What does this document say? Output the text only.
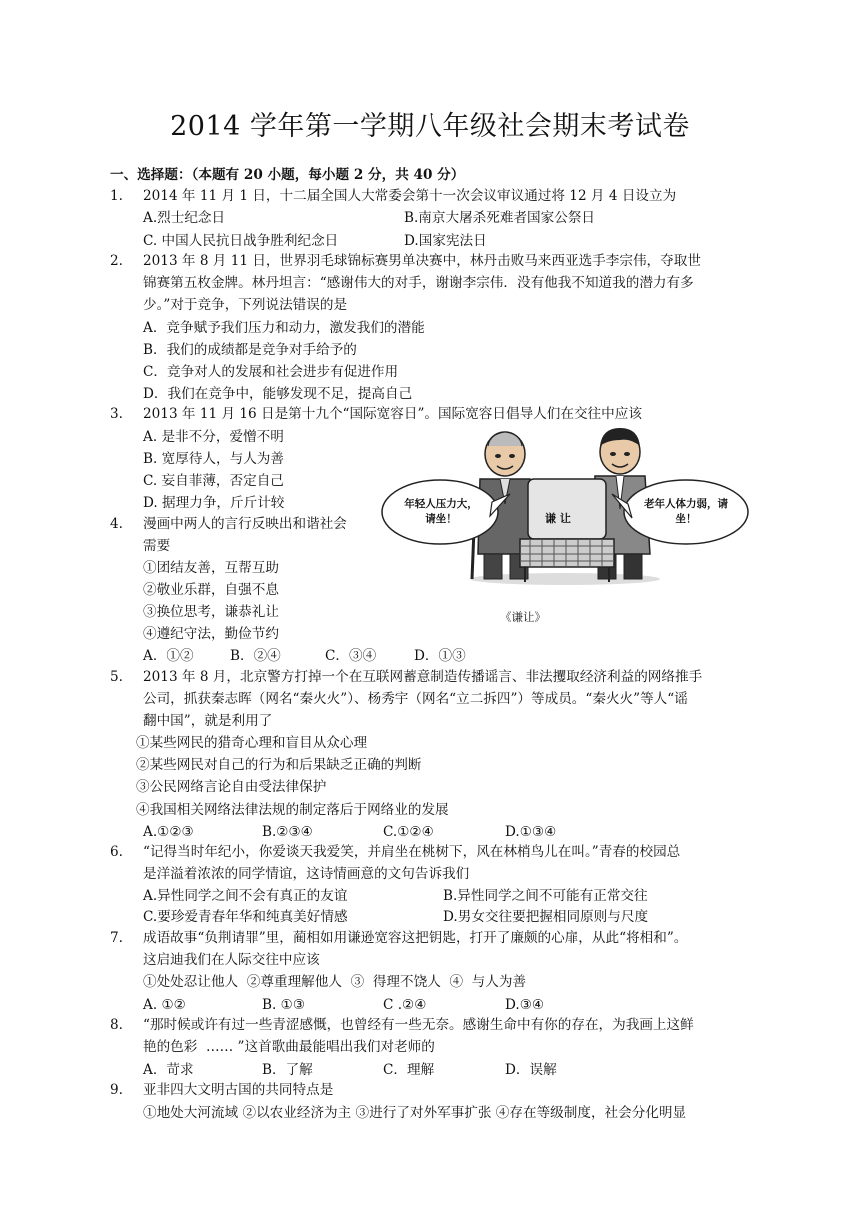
2014 学年第一学期八年级社会期末考试卷
一、选择题：（本题有 20 小题，每小题 2 分，共 40 分）
1. 2014 年 11 月 1 日，十二届全国人大常委会第十一次会议审议通过将 12 月 4 日设立为
A.烈士纪念日	B.南京大屠杀死难者国家公祭日
C. 中国人民抗日战争胜利纪念日	D.国家宪法日
2. 2013 年 8 月 11 日，世界羽毛球锦标赛男单决赛中，林丹击败马来西亚选手李宗伟，夺取世
锦赛第五枚金牌。林丹坦言：“感谢伟大的对手，谢谢李宗伟．没有他我不知道我的潜力有多
少。”对于竞争，下列说法错误的是
A．竞争赋予我们压力和动力，激发我们的潜能
B．我们的成绩都是竞争对手给予的
C．竞争对人的发展和社会进步有促进作用
D．我们在竞争中，能够发现不足，提高自己
3. 2013 年 11 月 16 日是第十九个“国际宽容日”。国际宽容日倡导人们在交往中应该
A. 是非不分，爱憎不明
B. 宽厚待人，与人为善
C. 妄自菲薄，否定自己
D. 据理力争，斤斤计较
4. 漫画中两人的言行反映出和谐社会
需要
①团结友善，互帮互助
②敬业乐群，自强不息
③换位思考，谦恭礼让
④遵纪守法，勤俭节约
A．①②	B．②④	C．③④	D．①③
年轻人压力大，请坐！
老年人体力弱，请坐！
谦 让
《谦让》
5. 2013 年 8 月，北京警方打掉一个在互联网蓄意制造传播谣言、非法攫取经济利益的网络推手
公司，抓获秦志晖（网名“秦火火”）、杨秀宇（网名“立二拆四”）等成员。“秦火火”等人“谣
翻中国”，就是利用了
①某些网民的猎奇心理和盲目从众心理
②某些网民对自己的行为和后果缺乏正确的判断
③公民网络言论自由受法律保护
④我国相关网络法律法规的制定落后于网络业的发展
A.①②③	B.②③④	C.①②④	D.①③④
6. “记得当时年纪小，你爱谈天我爱笑，并肩坐在桃树下，风在林梢鸟儿在叫。”青春的校园总
是洋溢着浓浓的同学情谊，这诗情画意的文句告诉我们
A.异性同学之间不会有真正的友谊	B.异性同学之间不可能有正常交往
C.要珍爱青春年华和纯真美好情感	D.男女交往要把握相同原则与尺度
7. 成语故事“负荆请罪”里，蔺相如用谦逊宽容这把钥匙，打开了廉颇的心扉，从此“将相和”。
这启迪我们在人际交往中应该
①处处忍让他人  ②尊重理解他人  ③  得理不饶人  ④  与人为善
A. ①②	B. ①③	C .②④	D.③④
8. “那时候或许有过一些青涩感慨，也曾经有一些无奈。感谢生命中有你的存在，为我画上这鲜
艳的色彩  …… ”这首歌曲最能唱出我们对老师的
A．苛求	B．了解	C．理解	D．误解
9. 亚非四大文明古国的共同特点是
①地处大河流域 ②以农业经济为主 ③进行了对外军事扩张 ④存在等级制度，社会分化明显
